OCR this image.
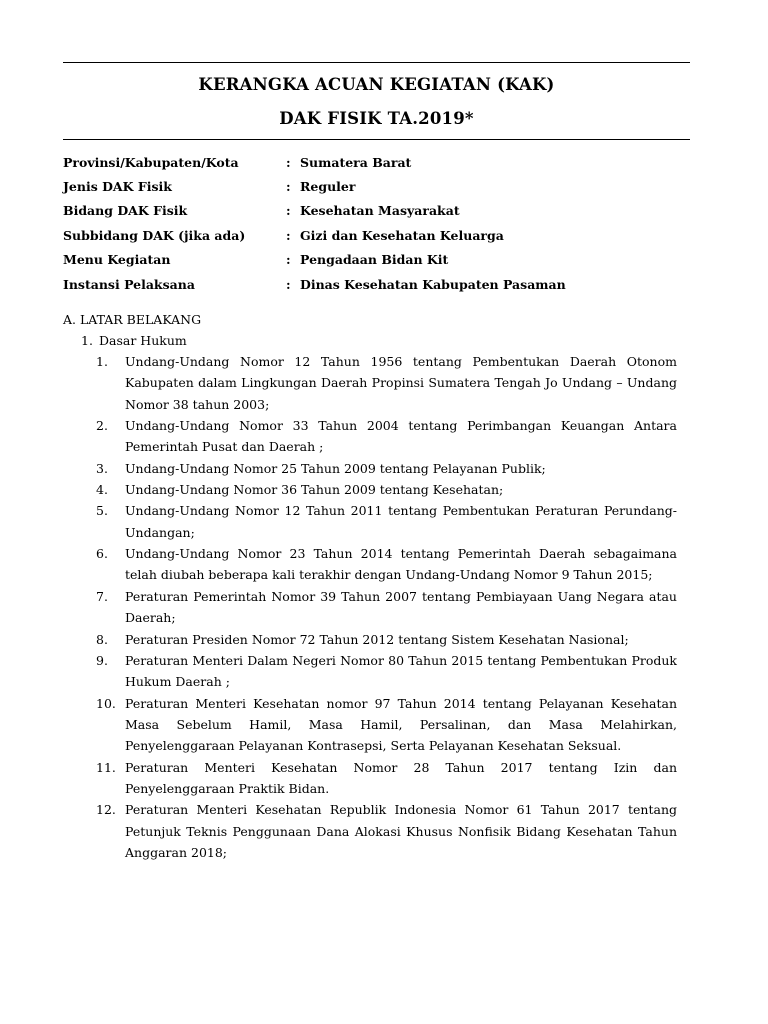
KERANGKA ACUAN KEGIATAN (KAK)
DAK FISIK TA.2019*
Provinsi/Kabupaten/Kota	: Sumatera Barat
Jenis DAK Fisik	: Reguler
Bidang DAK Fisik	: Kesehatan Masyarakat
Subbidang DAK (jika ada)	: Gizi dan Kesehatan Keluarga
Menu Kegiatan	: Pengadaan Bidan Kit
Instansi Pelaksana	: Dinas Kesehatan Kabupaten Pasaman
A. LATAR BELAKANG
1. Dasar Hukum
1.	Undang-Undang Nomor 12 Tahun 1956 tentang Pembentukan Daerah Otonom Kabupaten dalam Lingkungan Daerah Propinsi Sumatera Tengah Jo Undang – Undang Nomor 38 tahun 2003;
2.	Undang-Undang Nomor 33 Tahun 2004 tentang Perimbangan Keuangan Antara Pemerintah Pusat dan Daerah ;
3.	Undang-Undang Nomor 25 Tahun 2009 tentang Pelayanan Publik;
4.	Undang-Undang Nomor 36 Tahun 2009 tentang Kesehatan;
5.	Undang-Undang Nomor 12 Tahun 2011 tentang Pembentukan Peraturan Perundang-Undangan;
6.	Undang-Undang Nomor 23 Tahun 2014 tentang Pemerintah Daerah sebagaimana telah diubah beberapa kali terakhir dengan Undang-Undang Nomor 9 Tahun 2015;
7.	Peraturan Pemerintah Nomor 39 Tahun 2007 tentang Pembiayaan Uang Negara atau Daerah;
8.	Peraturan Presiden Nomor 72 Tahun 2012 tentang Sistem Kesehatan Nasional;
9.	Peraturan Menteri Dalam Negeri Nomor 80 Tahun 2015 tentang Pembentukan Produk Hukum Daerah ;
10. Peraturan Menteri Kesehatan nomor 97 Tahun 2014 tentang Pelayanan Kesehatan Masa Sebelum Hamil, Masa Hamil, Persalinan, dan Masa Melahirkan, Penyelenggaraan Pelayanan Kontrasepsi, Serta Pelayanan Kesehatan Seksual.
11. Peraturan Menteri Kesehatan Nomor 28 Tahun 2017 tentang Izin dan Penyelenggaraan Praktik Bidan.
12. Peraturan Menteri Kesehatan Republik Indonesia Nomor 61 Tahun 2017 tentang Petunjuk Teknis Penggunaan Dana Alokasi Khusus Nonfisik Bidang Kesehatan Tahun Anggaran 2018;
